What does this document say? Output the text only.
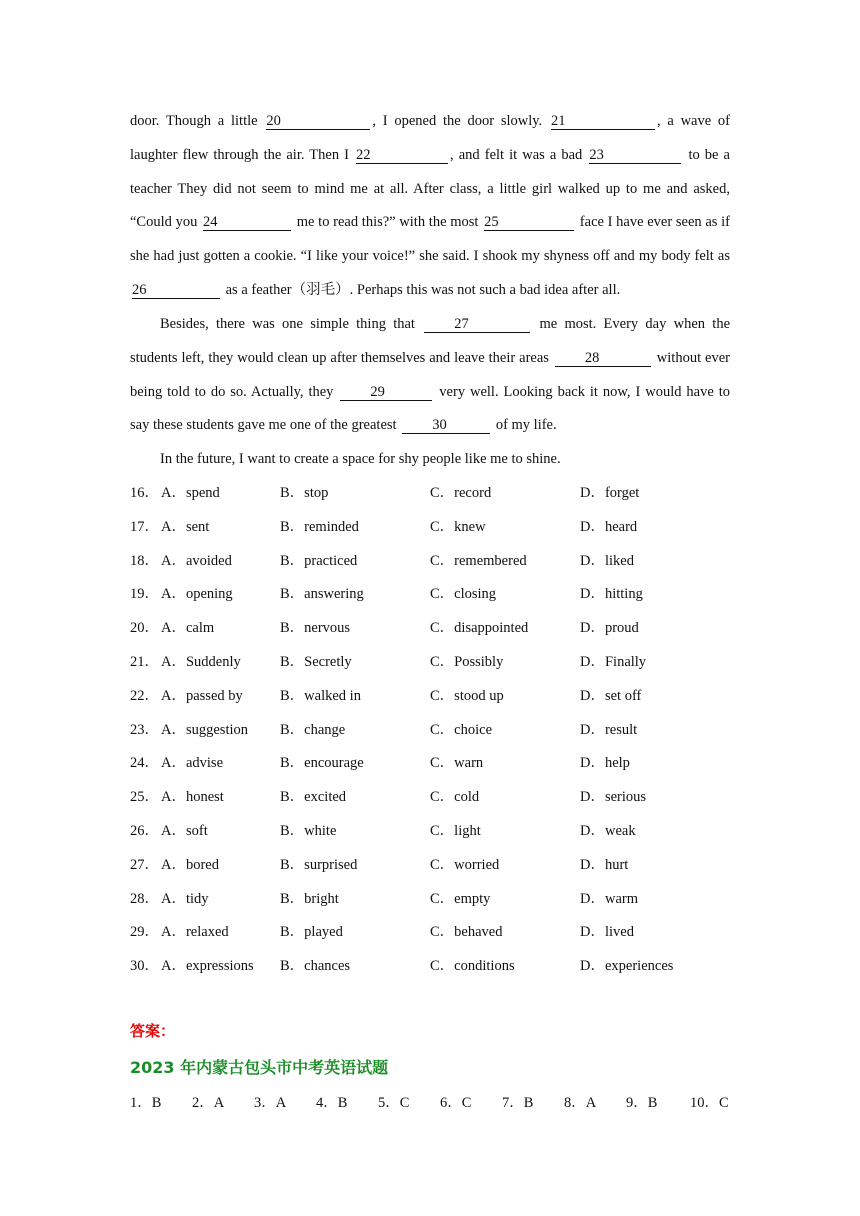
door. Though a little 20	, I opened the door slowly. 21	, a wave of laughter flew through the air. Then I 22	, and felt it was a bad 23	to be a teacher They did not seem to mind me at all. After class, a little girl walked up to me and asked, “Could you 24	me to read this?” with the most 25	face I have ever seen as if she had just gotten a cookie. “I like your voice!” she said. I shook my shyness off and my body felt as 26	as a feather（羽毛）. Perhaps this was not such a bad idea after all.

Besides, there was one simple thing that 27	me most. Every day when the students left, they would clean up after themselves and leave their areas 28	without ever being told to do so. Actually, they 29	very well. Looking back it now, I would have to say these students gave me one of the greatest 30	of my life.

In the future, I want to create a space for shy people like me to shine.

16． A．spend	B．stop	C．record	D．forget
17． A．sent	B．reminded	C．knew	D．heard
18． A．avoided	B．practiced	C．remembered	D．liked
19． A．opening	B．answering	C．closing	D．hitting
20． A．calm	B．nervous	C．disappointed	D．proud
21． A．Suddenly	B．Secretly	C．Possibly	D．Finally
22． A．passed by	B．walked in	C．stood up	D．set off
23． A．suggestion B．change	C．choice	D．result
24． A．advise	B．encourage	C．warn	D．help
25． A．honest	B．excited	C．cold	D．serious
26． A．soft	B．white	C．light	D．weak
27． A．bored	B．surprised	C．worried	D．hurt
28． A．tidy	B．bright	C．empty	D．warm
29． A．relaxed	B．played	C．behaved	D．lived
30． A．expressions B．chances	C．conditions	D．experiences

答案：

2023 年内蒙古包头市中考英语试题

1．B 2．A 3．A 4．B 5．C 6．C 7．B 8．A 9．B 10．C
